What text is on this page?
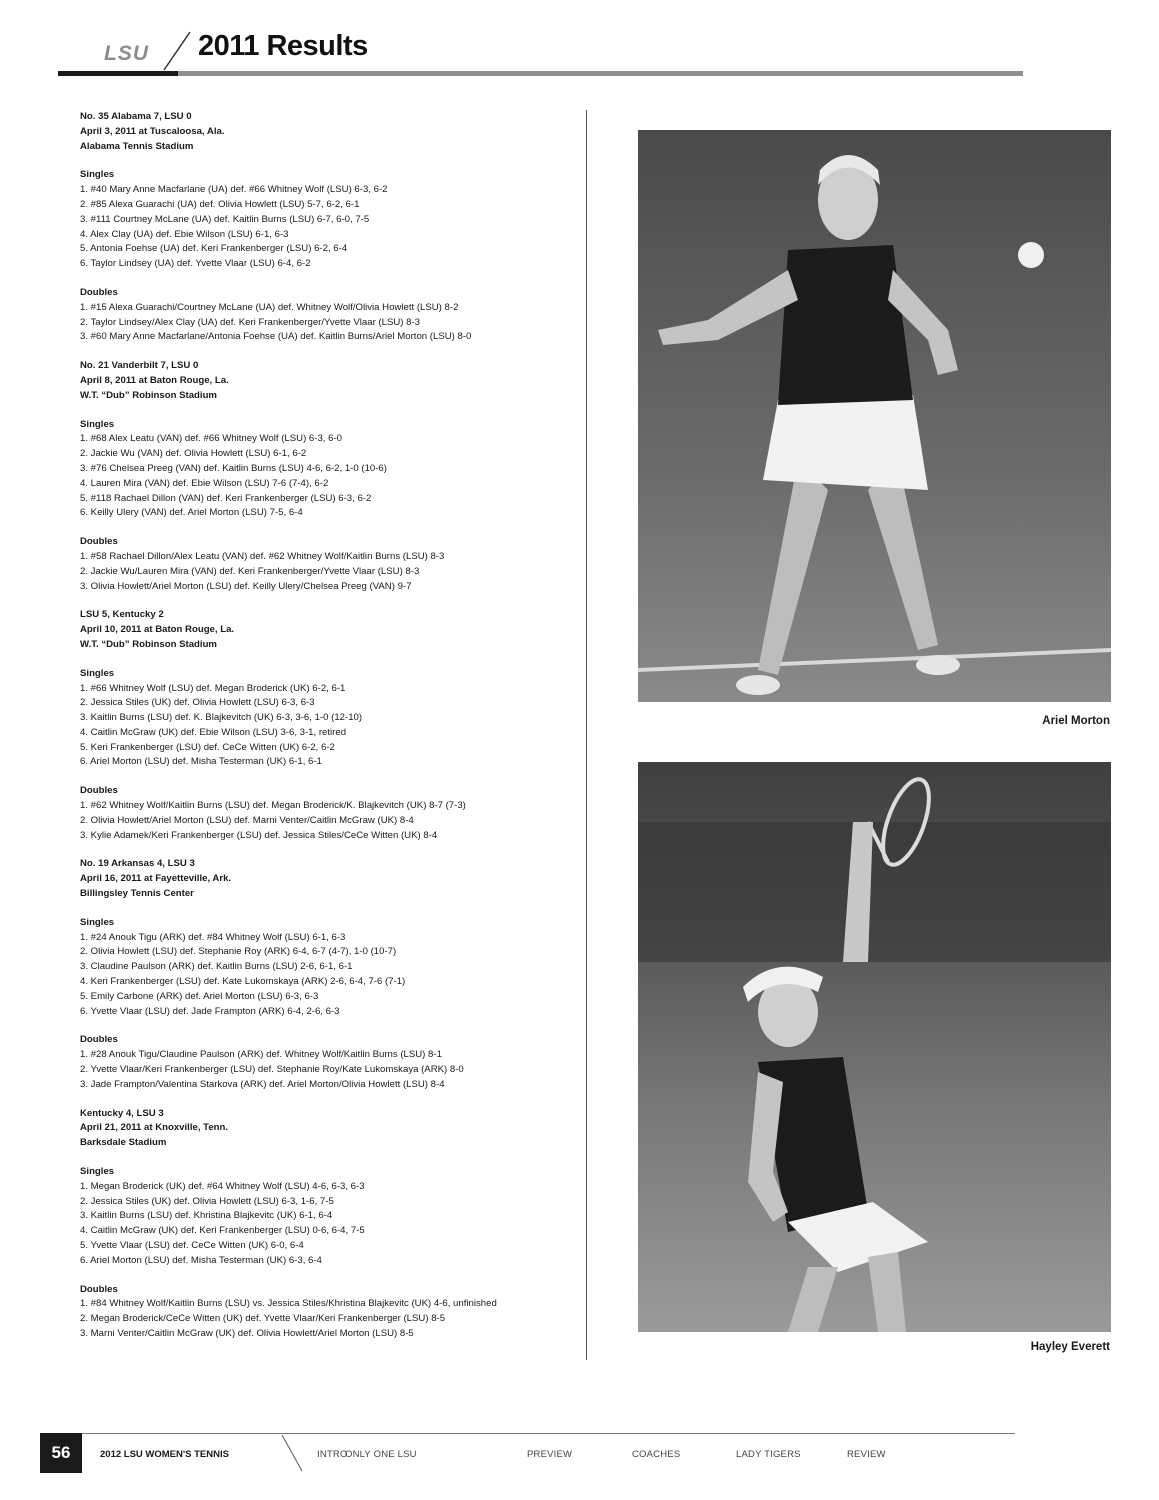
LSU 2011 Results
No. 35 Alabama 7, LSU 0
April 3, 2011 at Tuscaloosa, Ala.
Alabama Tennis Stadium
Singles
1. #40 Mary Anne Macfarlane (UA) def. #66 Whitney Wolf (LSU) 6-3, 6-2
2. #85 Alexa Guarachi (UA) def. Olivia Howlett (LSU) 5-7, 6-2, 6-1
3. #111 Courtney McLane (UA) def. Kaitlin Burns (LSU) 6-7, 6-0, 7-5
4. Alex Clay (UA) def. Ebie Wilson (LSU) 6-1, 6-3
5. Antonia Foehse (UA) def. Keri Frankenberger (LSU) 6-2, 6-4
6. Taylor Lindsey (UA) def. Yvette Vlaar (LSU) 6-4, 6-2
Doubles
1. #15 Alexa Guarachi/Courtney McLane (UA) def. Whitney Wolf/Olivia Howlett (LSU) 8-2
2. Taylor Lindsey/Alex Clay (UA) def. Keri Frankenberger/Yvette Vlaar (LSU) 8-3
3. #60 Mary Anne Macfarlane/Antonia Foehse (UA) def. Kaitlin Burns/Ariel Morton (LSU) 8-0
No. 21 Vanderbilt 7, LSU 0
April 8, 2011 at Baton Rouge, La.
W.T. “Dub” Robinson Stadium
Singles
1. #68 Alex Leatu (VAN) def. #66 Whitney Wolf (LSU) 6-3, 6-0
2. Jackie Wu (VAN) def. Olivia Howlett (LSU) 6-1, 6-2
3. #76 Chelsea Preeg (VAN) def. Kaitlin Burns (LSU) 4-6, 6-2, 1-0 (10-6)
4. Lauren Mira (VAN) def. Ebie Wilson (LSU) 7-6 (7-4), 6-2
5. #118 Rachael Dillon (VAN) def. Keri Frankenberger (LSU) 6-3, 6-2
6. Keilly Ulery (VAN) def. Ariel Morton (LSU) 7-5, 6-4
Doubles
1. #58 Rachael Dillon/Alex Leatu (VAN) def. #62 Whitney Wolf/Kaitlin Burns (LSU) 8-3
2. Jackie Wu/Lauren Mira (VAN) def. Keri Frankenberger/Yvette Vlaar (LSU) 8-3
3. Olivia Howlett/Ariel Morton (LSU) def. Keilly Ulery/Chelsea Preeg (VAN) 9-7
LSU 5, Kentucky 2
April 10, 2011 at Baton Rouge, La.
W.T. “Dub” Robinson Stadium
Singles
1. #66 Whitney Wolf (LSU) def. Megan Broderick (UK) 6-2, 6-1
2. Jessica Stiles (UK) def. Olivia Howlett (LSU) 6-3, 6-3
3. Kaitlin Burns (LSU) def. K. Blajkevitch (UK) 6-3, 3-6, 1-0 (12-10)
4. Caitlin McGraw (UK) def. Ebie Wilson (LSU) 3-6, 3-1, retired
5. Keri Frankenberger (LSU) def. CeCe Witten (UK) 6-2, 6-2
6. Ariel Morton (LSU) def. Misha Testerman (UK) 6-1, 6-1
Doubles
1. #62 Whitney Wolf/Kaitlin Burns (LSU) def. Megan Broderick/K. Blajkevitch (UK) 8-7 (7-3)
2. Olivia Howlett/Ariel Morton (LSU) def. Marni Venter/Caitlin McGraw (UK) 8-4
3. Kylie Adamek/Keri Frankenberger (LSU) def. Jessica Stiles/CeCe Witten (UK) 8-4
No. 19 Arkansas 4, LSU 3
April 16, 2011 at Fayetteville, Ark.
Billingsley Tennis Center
Singles
1. #24 Anouk Tigu (ARK) def. #84 Whitney Wolf (LSU) 6-1, 6-3
2. Olivia Howlett (LSU) def. Stephanie Roy (ARK) 6-4, 6-7 (4-7), 1-0 (10-7)
3. Claudine Paulson (ARK) def. Kaitlin Burns (LSU) 2-6, 6-1, 6-1
4. Keri Frankenberger (LSU) def. Kate Lukomskaya (ARK) 2-6, 6-4, 7-6 (7-1)
5. Emily Carbone (ARK) def. Ariel Morton (LSU) 6-3, 6-3
6. Yvette Vlaar (LSU) def. Jade Frampton (ARK) 6-4, 2-6, 6-3
Doubles
1. #28 Anouk Tigu/Claudine Paulson (ARK) def. Whitney Wolf/Kaitlin Burns (LSU) 8-1
2. Yvette Vlaar/Keri Frankenberger (LSU) def. Stephanie Roy/Kate Lukomskaya (ARK) 8-0
3. Jade Frampton/Valentina Starkova (ARK) def. Ariel Morton/Olivia Howlett (LSU) 8-4
Kentucky 4, LSU 3
April 21, 2011 at Knoxville, Tenn.
Barksdale Stadium
Singles
1. Megan Broderick (UK) def. #64 Whitney Wolf (LSU) 4-6, 6-3, 6-3
2. Jessica Stiles (UK) def. Olivia Howlett (LSU) 6-3, 1-6, 7-5
3. Kaitlin Burns (LSU) def. Khristina Blajkevitc (UK) 6-1, 6-4
4. Caitlin McGraw (UK) def. Keri Frankenberger (LSU) 0-6, 6-4, 7-5
5. Yvette Vlaar (LSU) def. CeCe Witten (UK) 6-0, 6-4
6. Ariel Morton (LSU) def. Misha Testerman (UK) 6-3, 6-4
Doubles
1. #84 Whitney Wolf/Kaitlin Burns (LSU) vs. Jessica Stiles/Khristina Blajkevitc (UK) 4-6, unfinished
2. Megan Broderick/CeCe Witten (UK) def. Yvette Vlaar/Keri Frankenberger (LSU) 8-5
3. Marni Venter/Caitlin McGraw (UK) def. Olivia Howlett/Ariel Morton (LSU) 8-5
Ariel Morton
Hayley Everett
56	2012 LSU WOMEN'S TENNIS	INTRO
ONLY ONE LSU	PREVIEW	COACHES	LADY TIGERS	REVIEW
